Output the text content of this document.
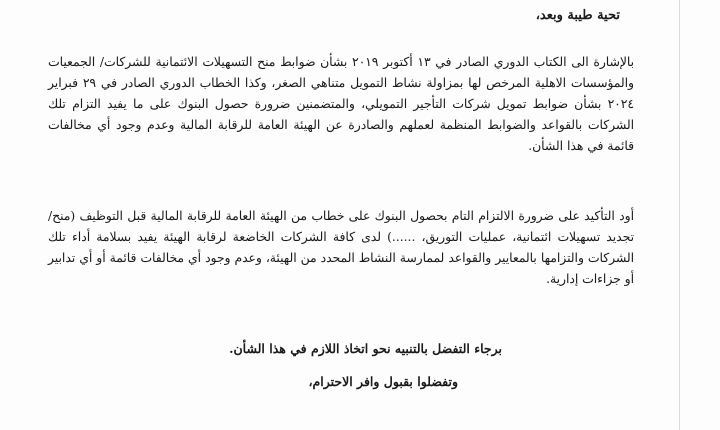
تحية طيبة وبعد،

بالإشارة الى الكتاب الدوري الصادر في ١٣ أكتوبر ٢٠١٩ بشأن ضوابط منح التسهيلات الائتمانية للشركات/ الجمعيات والمؤسسات الاهلية المرخص لها بمزاولة نشاط التمويل متناهي الصغر، وكذا الخطاب الدوري الصادر في ٢٩ فبراير ٢٠٢٤ بشأن ضوابط تمويل شركات التأجير التمويلي، والمتضمنين ضرورة حصول البنوك على ما يفيد التزام تلك الشركات بالقواعد والضوابط المنظمة لعملهم والصادرة عن الهيئة العامة للرقابة المالية وعدم وجود أي مخالفات قائمة في هذا الشأن.

أود التأكيد على ضرورة الالتزام التام بحصول البنوك على خطاب من الهيئة العامة للرقابة المالية قبل التوظيف (منح/ تجديد تسهيلات ائتمانية، عمليات التوريق، ......) لدى كافة الشركات الخاضعة لرقابة الهيئة يفيد بسلامة أداء تلك الشركات والتزامها بالمعايير والقواعد لممارسة النشاط المحدد من الهيئة، وعدم وجود أي مخالفات قائمة أو أي تدابير أو جزاءات إدارية.

برجاء التفضل بالتنبيه نحو اتخاذ اللازم في هذا الشأن.

وتفضلوا بقبول وافر الاحترام،
